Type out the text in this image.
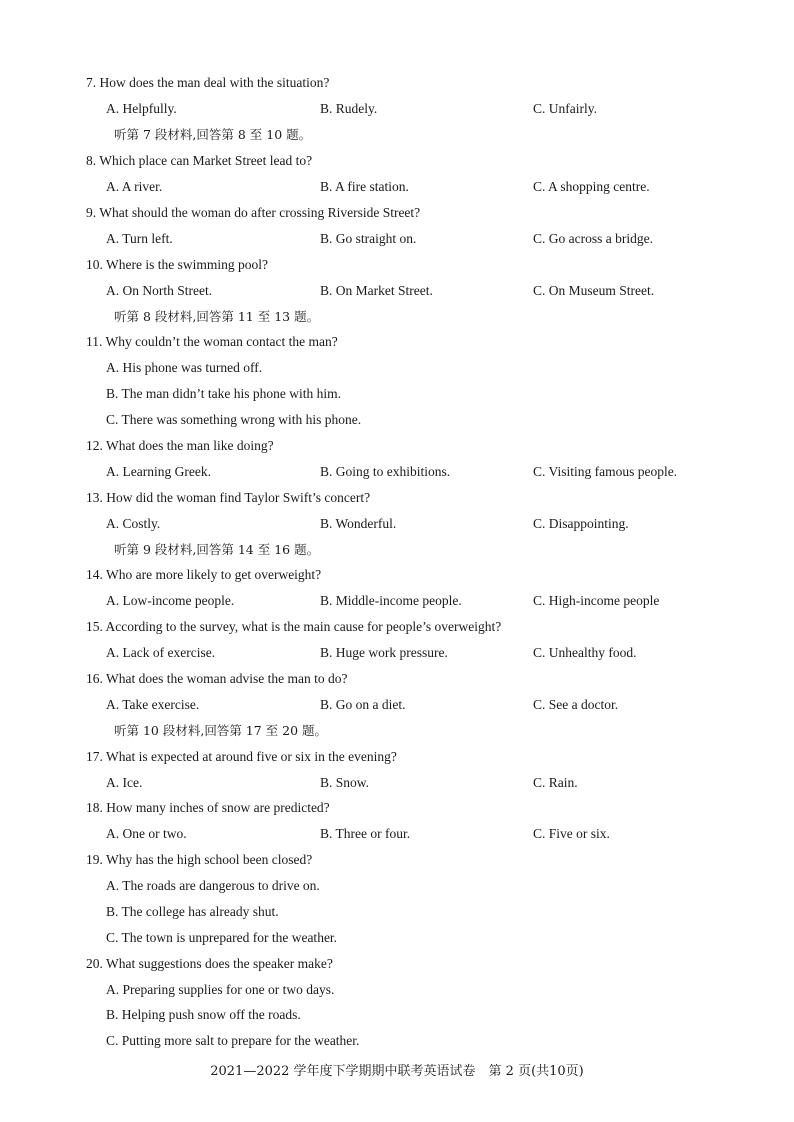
7. How does the man deal with the situation?
A. Helpfully.	B. Rudely.	C. Unfairly.
听第 7 段材料,回答第 8 至 10 题。
8. Which place can Market Street lead to?
A. A river.	B. A fire station.	C. A shopping centre.
9. What should the woman do after crossing Riverside Street?
A. Turn left.	B. Go straight on.	C. Go across a bridge.
10. Where is the swimming pool?
A. On North Street.	B. On Market Street.	C. On Museum Street.
听第 8 段材料,回答第 11 至 13 题。
11. Why couldn’t the woman contact the man?
A. His phone was turned off.
B. The man didn’t take his phone with him.
C. There was something wrong with his phone.
12. What does the man like doing?
A. Learning Greek.	B. Going to exhibitions.	C. Visiting famous people.
13. How did the woman find Taylor Swift’s concert?
A. Costly.	B. Wonderful.	C. Disappointing.
听第 9 段材料,回答第 14 至 16 题。
14. Who are more likely to get overweight?
A. Low-income people.	B. Middle-income people.	C. High-income people
15. According to the survey, what is the main cause for people’s overweight?
A. Lack of exercise.	B. Huge work pressure.	C. Unhealthy food.
16. What does the woman advise the man to do?
A. Take exercise.	B. Go on a diet.	C. See a doctor.
听第 10 段材料,回答第 17 至 20 题。
17. What is expected at around five or six in the evening?
A. Ice.	B. Snow.	C. Rain.
18. How many inches of snow are predicted?
A. One or two.	B. Three or four.	C. Five or six.
19. Why has the high school been closed?
A. The roads are dangerous to drive on.
B. The college has already shut.
C. The town is unprepared for the weather.
20. What suggestions does the speaker make?
A. Preparing supplies for one or two days.
B. Helping push snow off the roads.
C. Putting more salt to prepare for the weather.
2021—2022 学年度下学期期中联考英语试卷　第 2 页(共10页)
